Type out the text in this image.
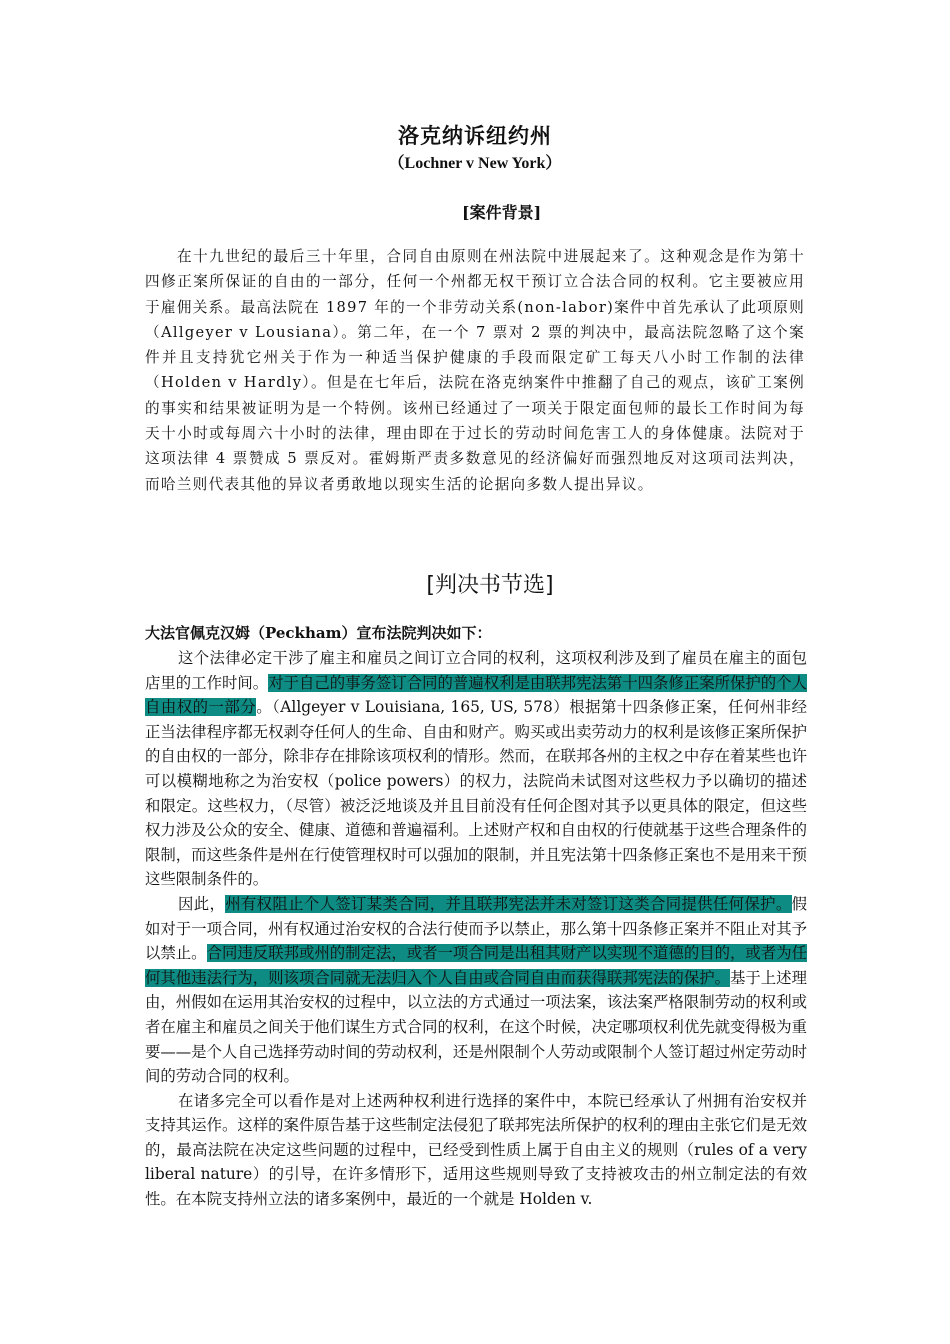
洛克纳诉纽约州
（Lochner v New York）
[案件背景]
在十九世纪的最后三十年里，合同自由原则在州法院中进展起来了。这种观念是作为第十四修正案所保证的自由的一部分，任何一个州都无权干预订立合法合同的权利。它主要被应用于雇佣关系。最高法院在 1897 年的一个非劳动关系(non-labor)案件中首先承认了此项原则（Allgeyer v Lousiana）。第二年，在一个 7 票对 2 票的判决中，最高法院忽略了这个案件并且支持犹它州关于作为一种适当保护健康的手段而限定矿工每天八小时工作制的法律（Holden v Hardly）。但是在七年后，法院在洛克纳案件中推翻了自己的观点，该矿工案例的事实和结果被证明为是一个特例。该州已经通过了一项关于限定面包师的最长工作时间为每天十小时或每周六十小时的法律，理由即在于过长的劳动时间危害工人的身体健康。法院对于这项法律 4 票赞成 5 票反对。霍姆斯严责多数意见的经济偏好而强烈地反对这项司法判决，而哈兰则代表其他的异议者勇敢地以现实生活的论据向多数人提出异议。
[判决书节选]
大法官佩克汉姆（Peckham）宣布法院判决如下：

这个法律必定干涉了雇主和雇员之间订立合同的权利，这项权利涉及到了雇员在雇主的面包店里的工作时间。对于自己的事务签订合同的普遍权利是由联邦宪法第十四条修正案所保护的个人自由权的一部分。（Allgeyer v Louisiana, 165, US, 578）根据第十四条修正案，任何州非经正当法律程序都无权剥夺任何人的生命、自由和财产。购买或出卖劳动力的权利是该修正案所保护的自由权的一部分，除非存在排除该项权利的情形。然而，在联邦各州的主权之中存在着某些也许可以模糊地称之为治安权（police powers）的权力，法院尚未试图对这些权力予以确切的描述和限定。这些权力，（尽管）被泛泛地谈及并且目前没有任何企图对其予以更具体的限定，但这些权力涉及公众的安全、健康、道德和普遍福利。上述财产权和自由权的行使就基于这些合理条件的限制，而这些条件是州在行使管理权时可以强加的限制，并且宪法第十四条修正案也不是用来干预这些限制条件的。

因此，州有权阻止个人签订某类合同，并且联邦宪法并未对签订这类合同提供任何保护。假如对于一项合同，州有权通过治安权的合法行使而予以禁止，那么第十四条修正案并不阻止对其予以禁止。合同违反联邦或州的制定法，或者一项合同是出租其财产以实现不道德的目的，或者为任何其他违法行为，则该项合同就无法归入个人自由或合同自由而获得联邦宪法的保护。基于上述理由，州假如在运用其治安权的过程中，以立法的方式通过一项法案，该法案严格限制劳动的权利或者在雇主和雇员之间关于他们谋生方式合同的权利，在这个时候，决定哪项权利优先就变得极为重要——是个人自己选择劳动时间的劳动权利，还是州限制个人劳动或限制个人签订超过州定劳动时间的劳动合同的权利。

在诸多完全可以看作是对上述两种权利进行选择的案件中，本院已经承认了州拥有治安权并支持其运作。这样的案件原告基于这些制定法侵犯了联邦宪法所保护的权利的理由主张它们是无效的，最高法院在决定这些问题的过程中，已经受到性质上属于自由主义的规则（rules of a very liberal nature）的引导，在许多情形下，适用这些规则导致了支持被攻击的州立制定法的有效性。在本院支持州立法的诸多案例中，最近的一个就是 Holden v.
